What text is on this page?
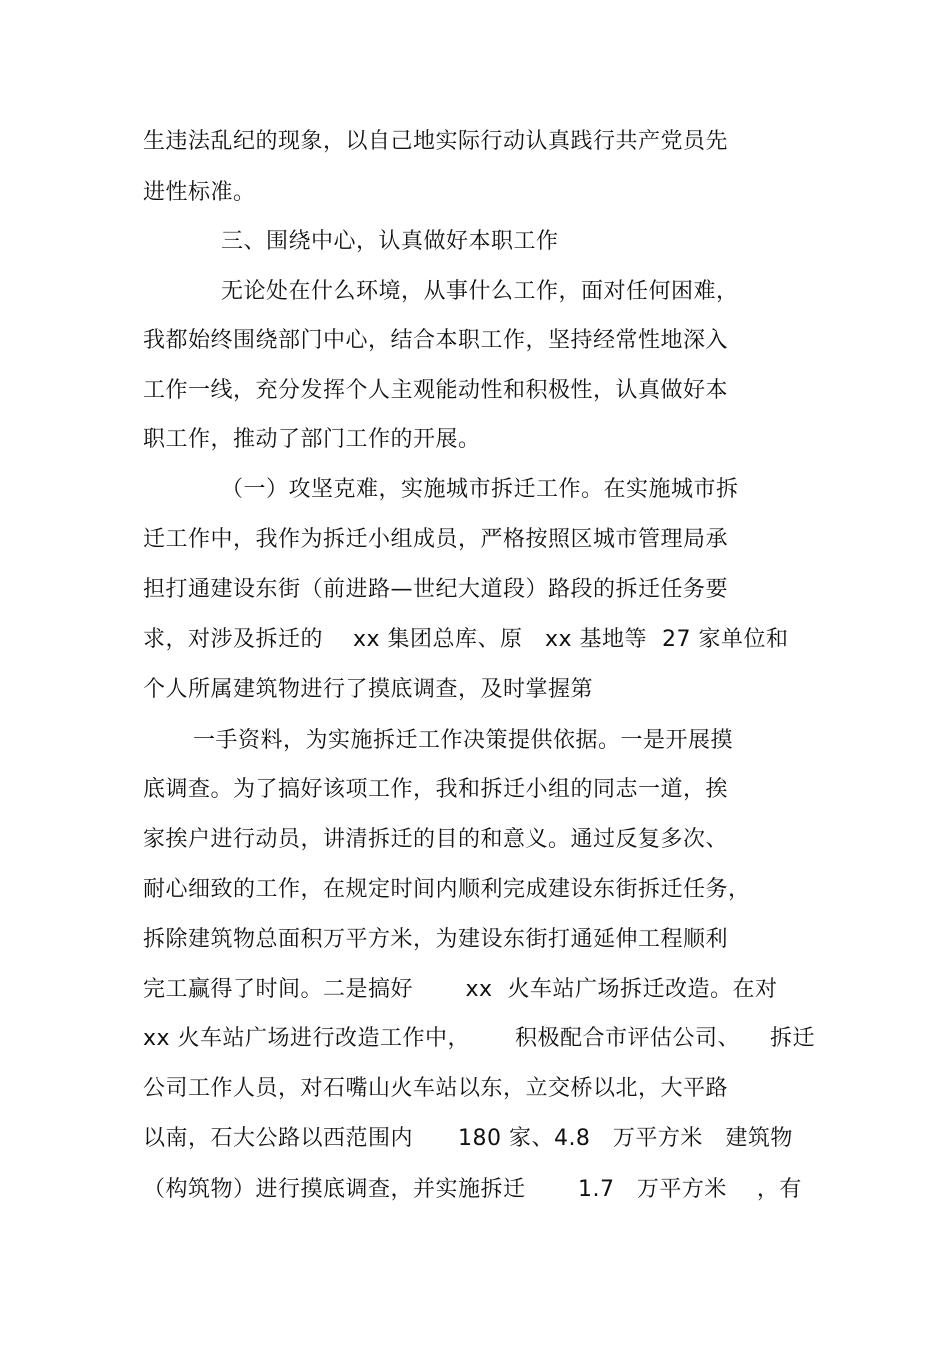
生违法乱纪的现象，以自己地实际行动认真践行共产党员先
进性标准。
三、围绕中心，认真做好本职工作
无论处在什么环境，从事什么工作，面对任何困难，
我都始终围绕部门中心，结合本职工作，坚持经常性地深入
工作一线，充分发挥个人主观能动性和积极性，认真做好本
职工作，推动了部门工作的开展。
（一）攻坚克难，实施城市拆迁工作。在实施城市拆
迁工作中，我作为拆迁小组成员，严格按照区城市管理局承
担打通建设东街（前进路—世纪大道段）路段的拆迁任务要
求，对涉及拆迁的    xx 集团总库、原   xx 基地等  27 家单位和
个人所属建筑物进行了摸底调查，及时掌握第
一手资料，为实施拆迁工作决策提供依据。一是开展摸
底调查。为了搞好该项工作，我和拆迁小组的同志一道，挨
家挨户进行动员，讲清拆迁的目的和意义。通过反复多次、
耐心细致的工作，在规定时间内顺利完成建设东街拆迁任务，
拆除建筑物总面积万平方米，为建设东街打通延伸工程顺利
完工赢得了时间。二是搞好       xx  火车站广场拆迁改造。在对
xx 火车站广场进行改造工作中，      积极配合市评估公司、    拆迁
公司工作人员，对石嘴山火车站以东，立交桥以北，大平路
以南，石大公路以西范围内      180 家、4.8   万平方米   建筑物
（构筑物）进行摸底调查，并实施拆迁       1.7   万平方米    ，有
